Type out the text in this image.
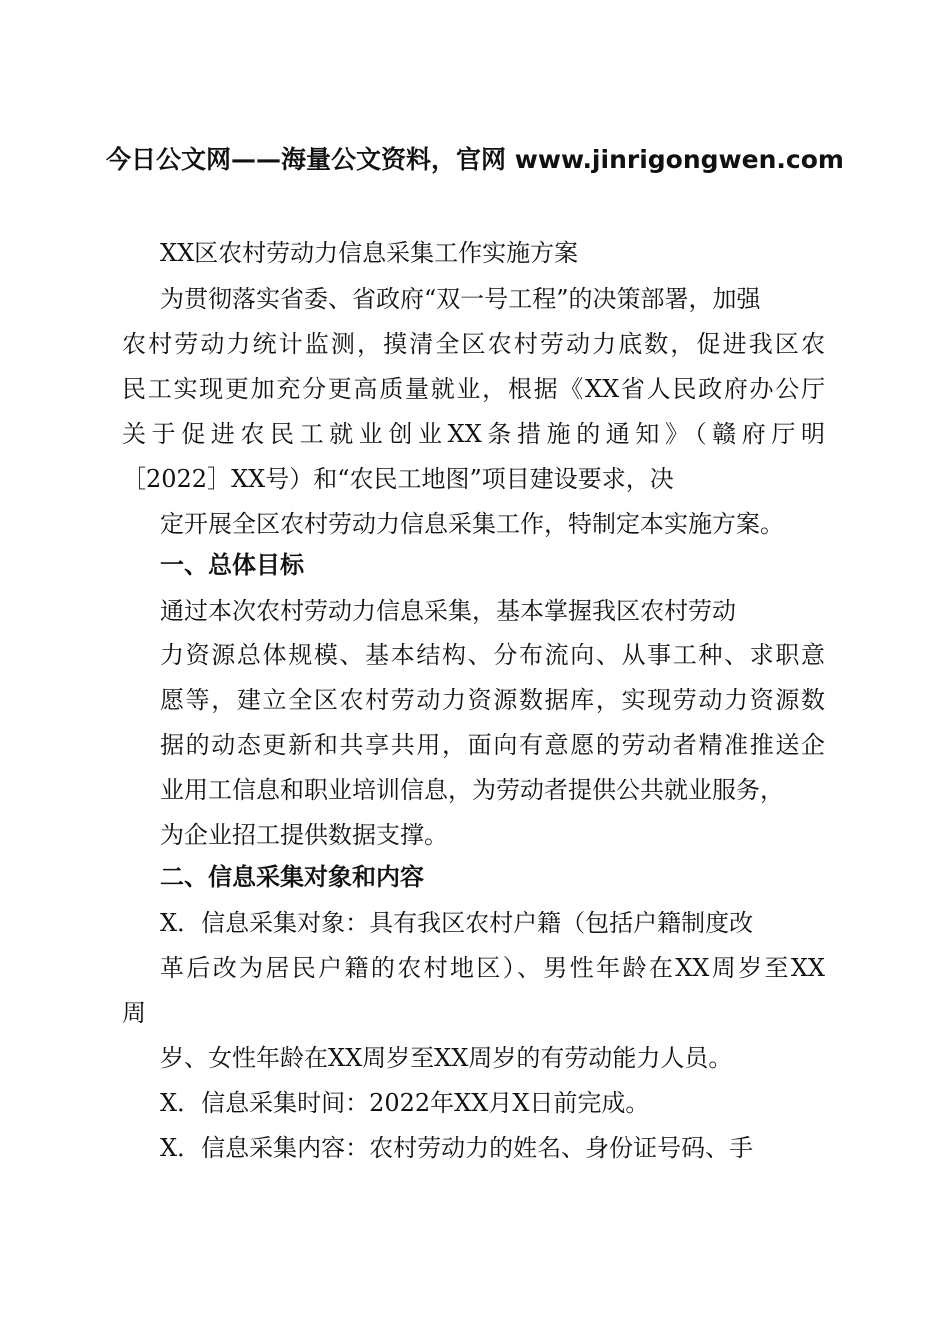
今日公文网——海量公文资料，官网 www.jinrigongwen.com
XX区农村劳动力信息采集工作实施方案
为贯彻落实省委、省政府“双一号工程”的决策部署，加强
农村劳动力统计监测，摸清全区农村劳动力底数，促进我区农
民工实现更加充分更高质量就业，根据《XX省人民政府办公厅
关于促进农民工就业创业XX条措施的通知》（赣府厅明
［2022］XX号）和“农民工地图”项目建设要求，决
定开展全区农村劳动力信息采集工作，特制定本实施方案。
一、总体目标
通过本次农村劳动力信息采集，基本掌握我区农村劳动
力资源总体规模、基本结构、分布流向、从事工种、求职意
愿等，建立全区农村劳动力资源数据库，实现劳动力资源数
据的动态更新和共享共用，面向有意愿的劳动者精准推送企
业用工信息和职业培训信息，为劳动者提供公共就业服务，
为企业招工提供数据支撑。
二、信息采集对象和内容
X．信息采集对象：具有我区农村户籍（包括户籍制度改
革后改为居民户籍的农村地区）、男性年龄在XX周岁至XX
周
岁、女性年龄在XX周岁至XX周岁的有劳动能力人员。
X．信息采集时间：2022年XX月X日前完成。
X．信息采集内容：农村劳动力的姓名、身份证号码、手
